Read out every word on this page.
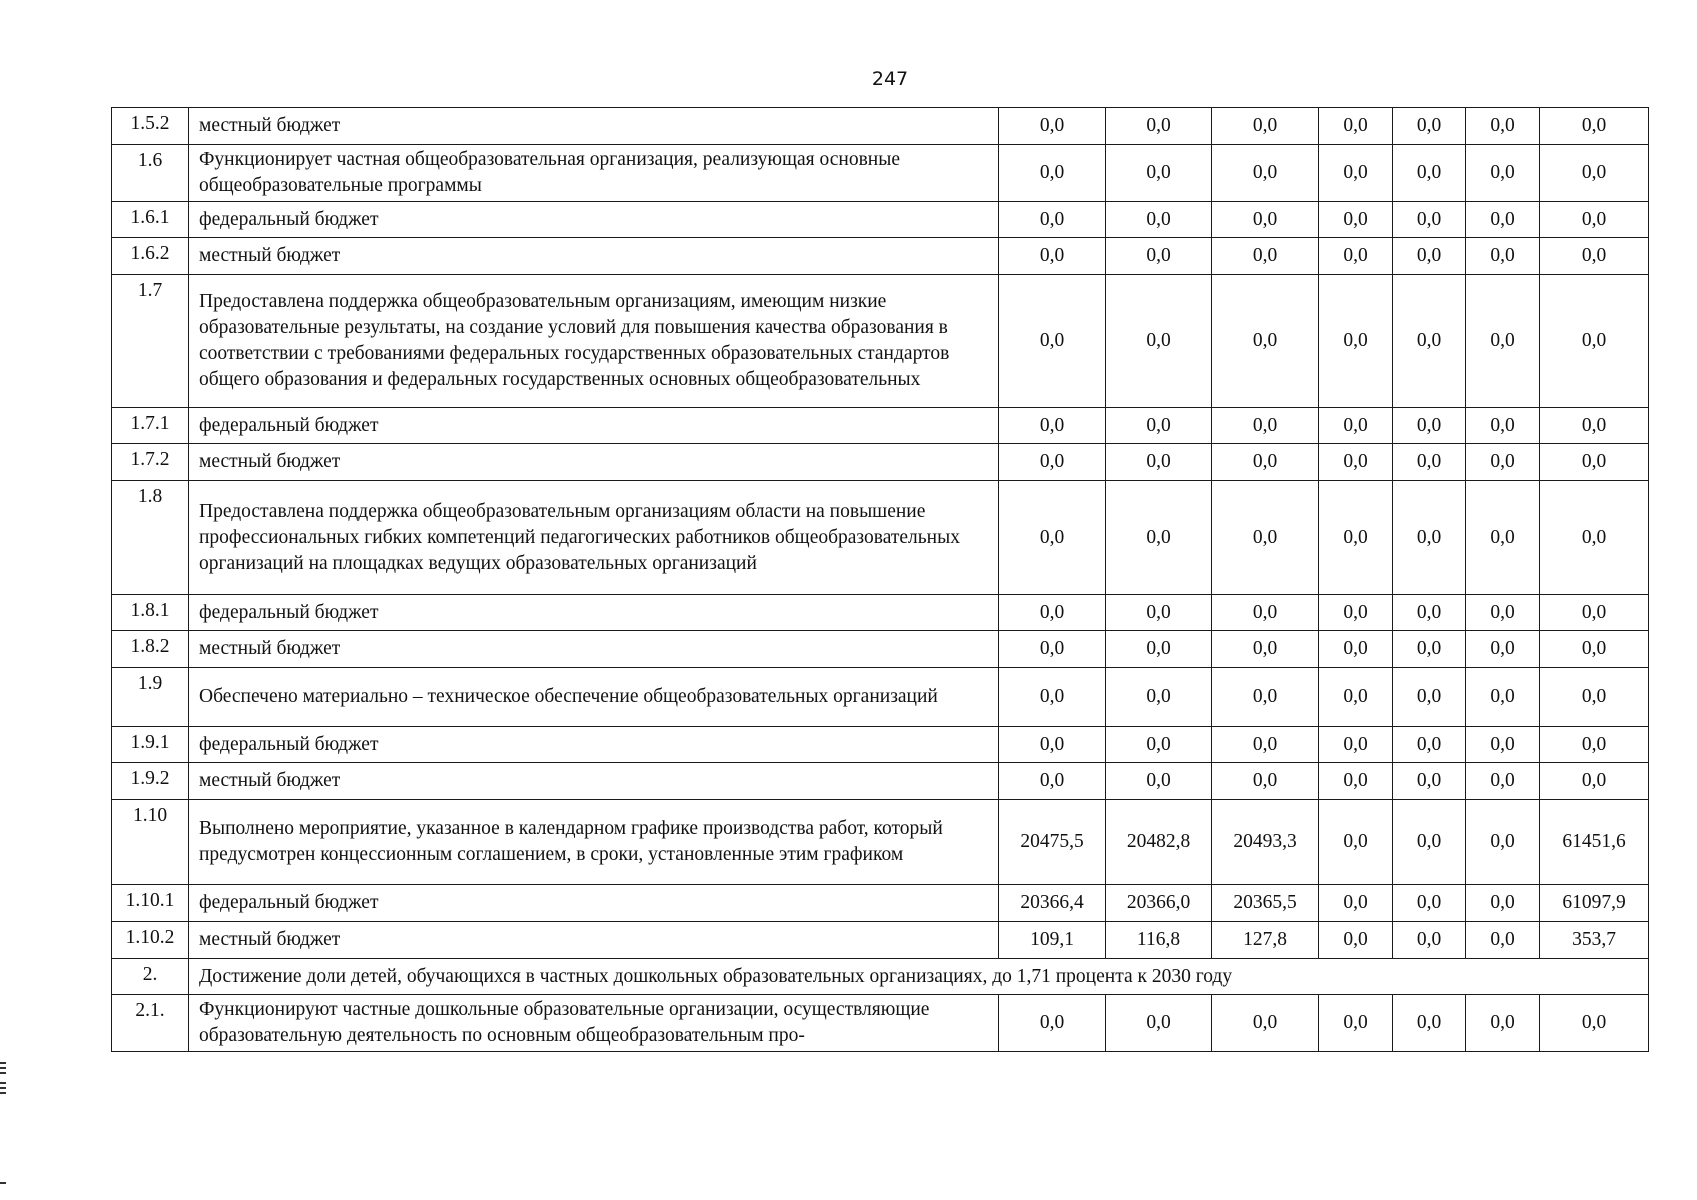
247
1.5.2	местный бюджет	0,0	0,0	0,0	0,0	0,0	0,0	0,0
1.6	Функционирует частная общеобразовательная организация, реализующая основные общеобразовательные программы	0,0	0,0	0,0	0,0	0,0	0,0	0,0
1.6.1	федеральный бюджет	0,0	0,0	0,0	0,0	0,0	0,0	0,0
1.6.2	местный бюджет	0,0	0,0	0,0	0,0	0,0	0,0	0,0
1.7	Предоставлена поддержка общеобразовательным организациям, имеющим низкие образовательные результаты, на создание условий для повышения качества образования в соответствии с требованиями федеральных государственных образовательных стандартов общего образования и федеральных государственных основных общеобразовательных	0,0	0,0	0,0	0,0	0,0	0,0	0,0
1.7.1	федеральный бюджет	0,0	0,0	0,0	0,0	0,0	0,0	0,0
1.7.2	местный бюджет	0,0	0,0	0,0	0,0	0,0	0,0	0,0
1.8	Предоставлена поддержка общеобразовательным организациям области на повышение профессиональных гибких компетенций педагогических работников общеобразовательных организаций на площадках ведущих образовательных организаций	0,0	0,0	0,0	0,0	0,0	0,0	0,0
1.8.1	федеральный бюджет	0,0	0,0	0,0	0,0	0,0	0,0	0,0
1.8.2	местный бюджет	0,0	0,0	0,0	0,0	0,0	0,0	0,0
1.9	Обеспечено материально – техническое обеспечение общеобразовательных организаций	0,0	0,0	0,0	0,0	0,0	0,0	0,0
1.9.1	федеральный бюджет	0,0	0,0	0,0	0,0	0,0	0,0	0,0
1.9.2	местный бюджет	0,0	0,0	0,0	0,0	0,0	0,0	0,0
1.10	Выполнено мероприятие, указанное в календарном графике производства работ, который предусмотрен концессионным соглашением, в сроки, установленные этим графиком	20475,5	20482,8	20493,3	0,0	0,0	0,0	61451,6
1.10.1	федеральный бюджет	20366,4	20366,0	20365,5	0,0	0,0	0,0	61097,9
1.10.2	местный бюджет	109,1	116,8	127,8	0,0	0,0	0,0	353,7
2.	Достижение доли детей, обучающихся в частных дошкольных образовательных организациях, до 1,71 процента к 2030 году							
2.1.	Функционируют частные дошкольные образовательные организации, осуществляющие образовательную деятельность по основным общеобразовательным про-	0,0	0,0	0,0	0,0	0,0	0,0	0,0
